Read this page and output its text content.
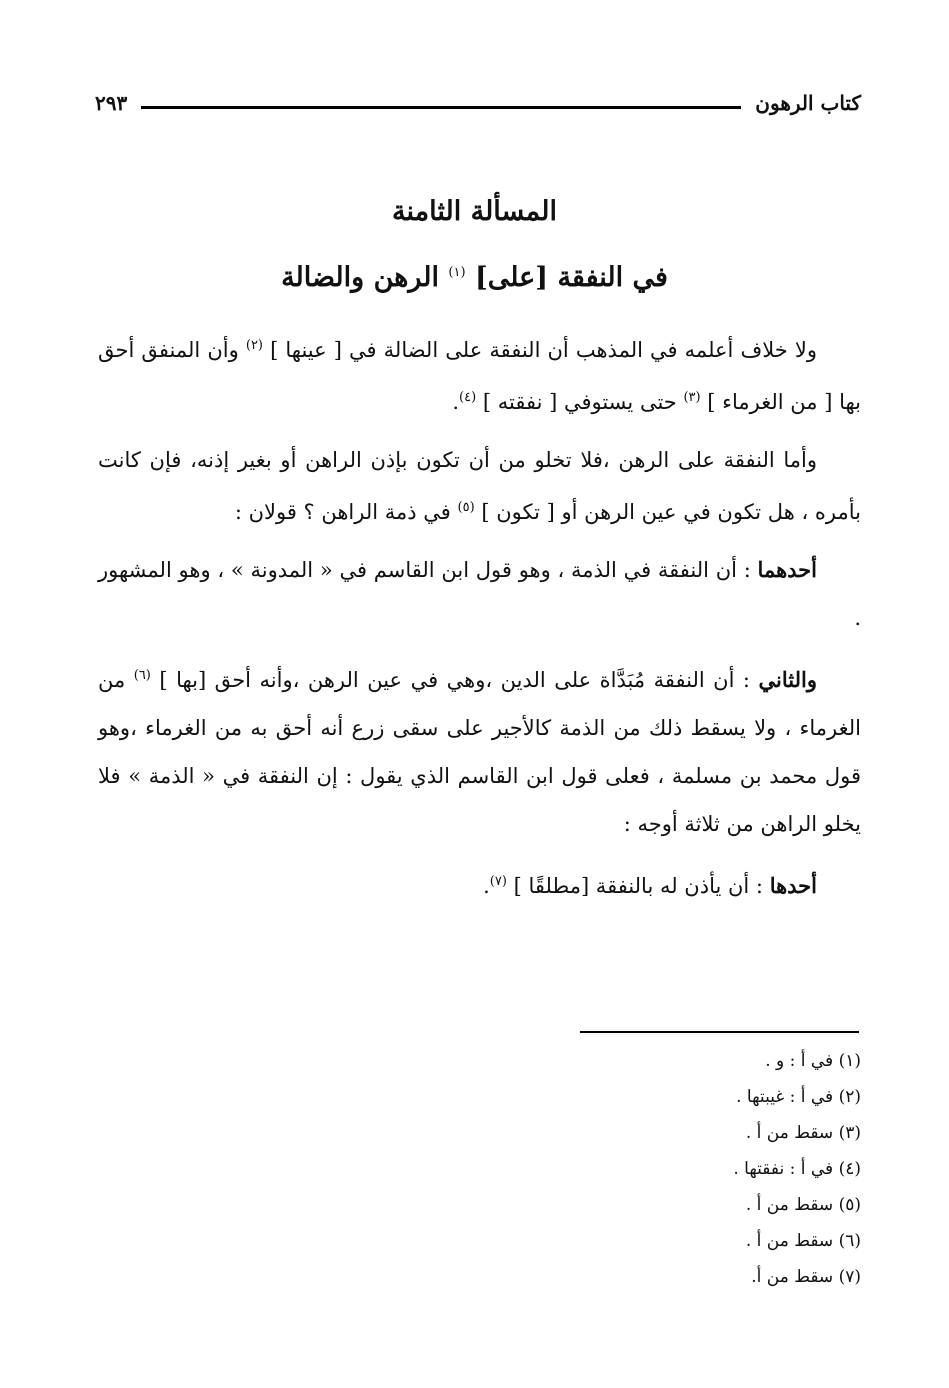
كتاب الرهون
٢٩٣
المسألة الثامنة
في النفقة [على] $^{(١)}$ الرهن والضالة

ولا خلاف أعلمه في المذهب أن النفقة على الضالة في [ عينها ] $^{(٢)}$ وأن المنفق أحق بها [ من الغرماء ] $^{(٣)}$ حتى يستوفي [ نفقته ] $^{(٤)}$.

وأما النفقة على الرهن ،فلا تخلو من أن تكون بإذن الراهن أو بغير إذنه، فإن كانت بأمره ، هل تكون في عين الرهن أو [ تكون ] $^{(٥)}$ في ذمة الراهن ؟ قولان :

أحدهما : أن النفقة في الذمة ، وهو قول ابن القاسم في « المدونة » ، وهو المشهور .

والثاني : أن النفقة مُبَدَّاة على الدين ،وهي في عين الرهن ،وأنه أحق [بها ] $^{(٦)}$ من الغرماء ، ولا يسقط ذلك من الذمة كالأجير على سقى زرع أنه أحق به من الغرماء ،وهو قول محمد بن مسلمة ، فعلى قول ابن القاسم الذي يقول : إن النفقة في « الذمة » فلا يخلو الراهن من ثلاثة أوجه :

أحدها : أن يأذن له بالنفقة [مطلقًا ] $^{(٧)}$.

(١) في أ : و .
(٢) في أ : غيبتها .
(٣) سقط من أ .
(٤) في أ : نفقتها .
(٥) سقط من أ .
(٦) سقط من أ .
(٧) سقط من أ.
